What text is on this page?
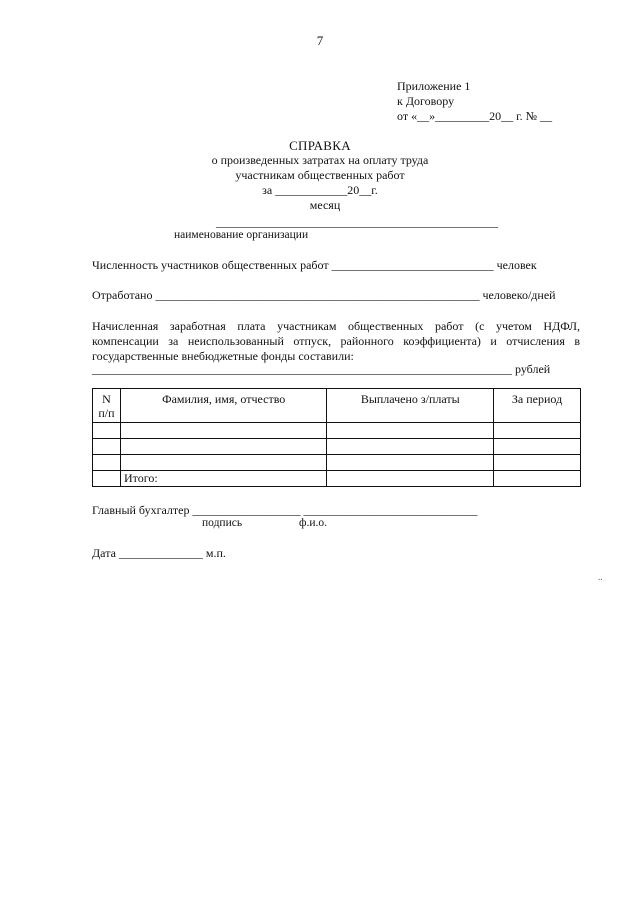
7
Приложение 1
к Договору
от «__»_________20__ г. № __
СПРАВКА
о произведенных затратах на оплату труда
участникам общественных работ
за ____________20__г.
месяц
_______________________________________________
наименование организации
Численность участников общественных работ ___________________________ человек
Отработано ______________________________________________________ человеко/дней
Начисленная заработная плата участникам общественных работ (с учетом НДФЛ,
компенсации за неиспользованный отпуск, районного коэффициента) и отчисления в
государственные внебюджетные фонды составили:
______________________________________________________________________ рублей
N п/п	Фамилия, имя, отчество	Выплачено з/платы	За период

	Итого:		
Главный бухгалтер __________________ _____________________________
подпись	ф.и.о.
Дата ______________ м.п.
..
